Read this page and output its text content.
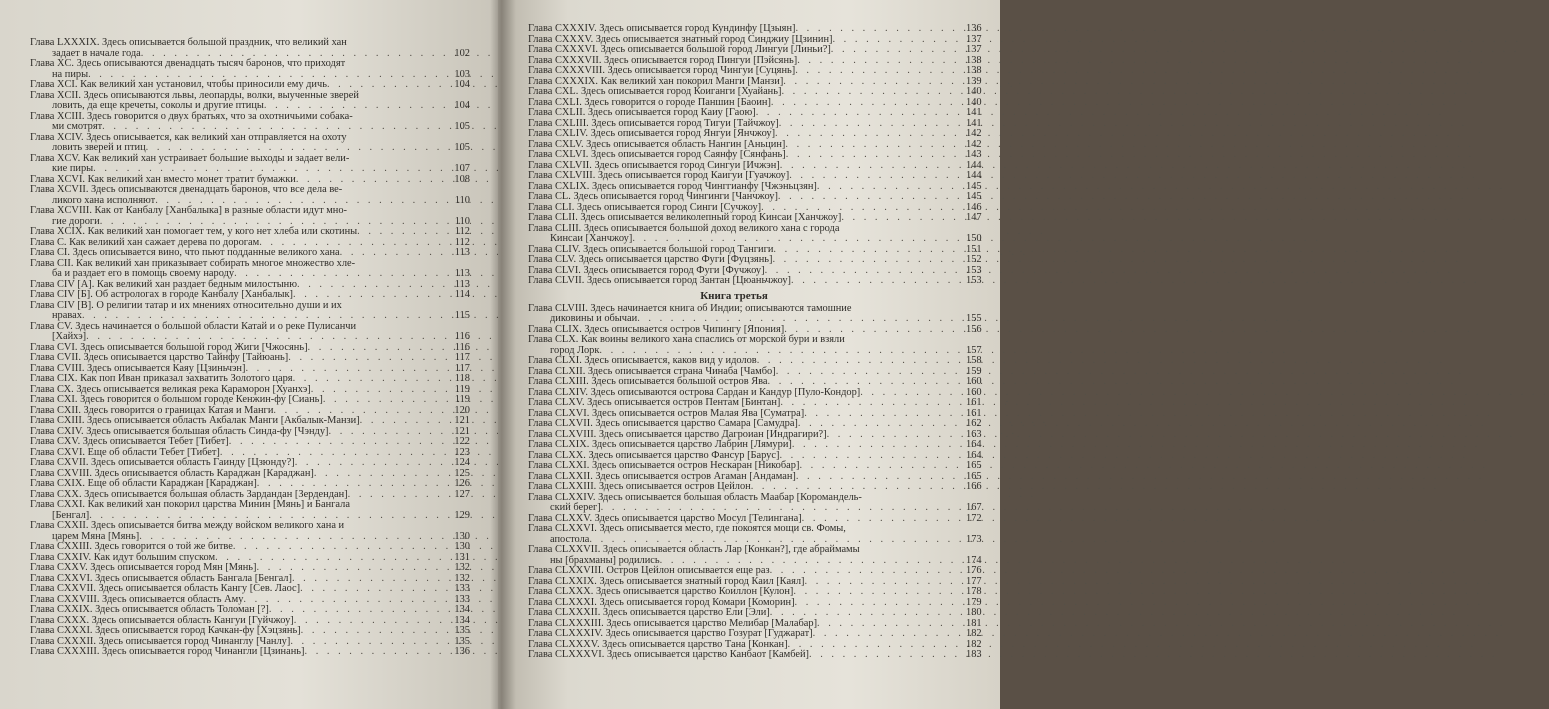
Глава LXXXIX. Здесь описывается большой праздник, что великий хан
задает в начале года . . .	102
Глава XC. Здесь описываются двенадцать тысяч баронов, что приходят
на пиры . . .	103
Глава XCI. Как великий хан установил, чтобы приносили ему дичь . . .	104
Глава XCII. Здесь описываются львы, леопарды, волки, выученные зверей
ловить, да еще кречеты, соколы и другие птицы . . .	104
Глава XCIII. Здесь говорится о двух братьях, что за охотничьими собака-
ми смотрят . . .	105
Глава XCIV. Здесь описывается, как великий хан отправляется на охоту
ловить зверей и птиц . . .	105
Глава XCV. Как великий хан устраивает большие выходы и задает вели-
кие пиры . . .	107
Глава XCVI. Как великий хан вместо монет тратит бумажки . . .	108
Глава XCVII. Здесь описываются двенадцать баронов, что все дела ве-
ликого хана исполняют . . .	110
Глава XCVIII. Как от Канбалу [Ханбалыка] в разные области идут мно-
гие дороги . . .	110
Глава XCIX. Как великий хан помогает тем, у кого нет хлеба или скотины . . .	112
Глава С. Как великий хан сажает дерева по дорогам . . .	112
Глава СI. Здесь описывается вино, что пьют подданные великого хана . . .	113
Глава СII. Как великий хан приказывает собирать многое множество хле-
ба и раздает его в помощь своему народу . . .	113
Глава СIV [А]. Как великий хан раздает бедным милостыню . . .	113
Глава СIV [Б]. Об астрологах в городе Канбалу [Ханбалык] . . .	114
Глава СIV [В]. О религии татар и их мнениях относительно души и их
нравах . . .	115
Глава CV. Здесь начинается о большой области Катай и о реке Пулисанчи
[Хайхэ] . . .	116
Глава CVI. Здесь описывается большой город Жиги [Чжосянь] . . .	116
Глава CVII. Здесь описывается царство Тайнфу [Тайюань] . . .	117
Глава CVIII. Здесь описывается Каяу [Цзиньчэн] . . .	117
Глава CIX. Как поп Иван приказал захватить Золотого царя . . .	118
Глава СХ. Здесь описывается великая река Караморон [Хуанхэ] . . .	119
Глава CXI. Здесь говорится о большом городе Кенжин-фу [Сиань] . . .	119
Глава CXII. Здесь говорится о границах Катая и Манги . . .	120
Глава CXIII. Здесь описывается область Акбалак Манги [Акбалык-Манзи] . . .	121
Глава CXIV. Здесь описывается большая область Синда-фу [Чэнду] . . .	121
Глава CXV. Здесь описывается Тебет [Тибет] . . .	122
Глава CXVI. Еще об области Тебет [Тибет] . . .	123
Глава CXVII. Здесь описывается область Гаинду [Цзюнду?] . . .	124
Глава CXVIII. Здесь описывается область Караджан [Караджан] . . .	125
Глава CXIX. Еще об области Караджан [Караджан] . . .	126
Глава CXX. Здесь описывается большая область Зардандан [Зердендан] . . .	127
Глава CXXI. Как великий хан покорил царства Минин [Мянь] и Бангала
[Бенгал] . . .	129
Глава CXXII. Здесь описывается битва между войском великого хана и
царем Мяна [Мянь] . . .	130
Глава CXXIII. Здесь говорится о той же битве . . .	130
Глава CXXIV. Как идут большим спуском . . .	131
Глава CXXV. Здесь описывается город Мян [Мянь] . . .	132
Глава CXXVI. Здесь описывается область Бангала [Бенгал] . . .	132
Глава CXXVII. Здесь описывается область Кангу [Сев. Лаос] . . .	133
Глава CXXVIII. Здесь описывается область Аму . . .	133
Глава CXXIX. Здесь описывается область Толоман [?] . . .	134
Глава CXXX. Здесь описывается область Кангуи [Гуйчжоу] . . .	134
Глава CXXXI. Здесь описывается город Качкан-фу [Хэцзянь] . . .	135
Глава CXXXII. Здесь описывается город Чинанглу [Чанлу] . . .	135
Глава CXXXIII. Здесь описывается город Чинангли [Цзинань] . . .	136
Глава CXXXIV. Здесь описывается город Кундинфу [Цзыян] . . .	136
Глава CXXXV. Здесь описывается знатный город Синджиу [Цзинин] . . .	137
Глава CXXXVI. Здесь описывается большой город Лингуи [Линьи?] . . .	137
Глава CXXXVII. Здесь описывается город Пингуи [Пэйсянь] . . .	138
Глава CXXXVIII. Здесь описывается город Чингуи [Суцянь] . . .	138
Глава CXXXIX. Как великий хан покорил Манги [Манзи] . . .	139
Глава CXL. Здесь описывается город Коиганги [Хуайань] . . .	140
Глава CXLI. Здесь говорится о городе Паншин [Баоин] . . .	140
Глава CXLII. Здесь описывается город Каиу [Гаою] . . .	141
Глава CXLIII. Здесь описывается город Тигуи [Тайчжоу] . . .	141
Глава CXLIV. Здесь описывается город Янгуи [Янчжоу] . . .	142
Глава CXLV. Здесь описывается область Нангин [Аньцин] . . .	142
Глава CXLVI. Здесь описывается город Саянфу [Сянфань] . . .	143
Глава CXLVII. Здесь описывается город Сингуи [Ичжэн] . . .	144
Глава CXLVIII. Здесь описывается город Каигуи [Гуачжоу] . . .	144
Глава CXLIX. Здесь описывается город Чинггианфу [Чжэньцзян] . . .	145
Глава CL. Здесь описывается город Чингинги [Чанчжоу] . . .	145
Глава CLI. Здесь описывается город Синги [Сучжоу] . . .	146
Глава CLII. Здесь описывается великолепный город Кинсаи [Ханчжоу] . . .	147
Глава CLIII. Здесь описывается большой доход великого хана с города
Кинсаи [Ханчжоу] . . .	150
Глава CLIV. Здесь описывается большой город Тангиги . . .	151
Глава CLV. Здесь описывается царство Фуги [Фуцзянь] . . .	152
Глава CLVI. Здесь описывается город Фуги [Фучжоу] . . .	153
Глава CLVII. Здесь описывается город Зантан [Цюаньчжоу] . . .	153
Книга третья
Глава CLVIII. Здесь начинается книга об Индии; описываются тамошние
диковины и обычаи . . .	155
Глава CLIX. Здесь описывается остров Чипингу [Япония] . . .	156
Глава CLX. Как воины великого хана спаслись от морской бури и взяли
город Лорк . . .	157
Глава CLXI. Здесь описывается, каков вид у идолов . . .	158
Глава CLXII. Здесь описывается страна Чинаба [Чамбо] . . .	159
Глава CLXIII. Здесь описывается большой остров Ява . . .	160
Глава CLXIV. Здесь описываются острова Сардан и Кандур [Пуло-Кондор] . . .	160
Глава CLXV. Здесь описывается остров Пентам [Бинтан] . . .	161
Глава CLXVI. Здесь описывается остров Малая Ява [Суматра] . . .	161
Глава CLXVII. Здесь описывается царство Самара [Самудра] . . .	162
Глава CLXVIII. Здесь описывается царство Дагроиан [Индрагири?] . . .	163
Глава CLXIX. Здесь описывается царство Лабрин [Лямури] . . .	164
Глава CLXX. Здесь описывается царство Фансур [Барус] . . .	164
Глава CLXXI. Здесь описывается остров Нескаран [Никобар] . . .	165
Глава CLXXII. Здесь описывается остров Агаман [Андаман] . . .	165
Глава CLXXIII. Здесь описывается остров Цейлон . . .	166
Глава CLXXIV. Здесь описывается большая область Маабар [Коромандель-
ский берег] . . .	167
Глава CLXXV. Здесь описывается царство Мосул [Телингана] . . .	172
Глава CLXXVI. Здесь описывается место, где покоятся мощи св. Фомы,
апостола . . .	173
Глава CLXXVII. Здесь описывается область Лар [Конкан?], где абраймамы
ны [брахманы] родились . . .	174
Глава CLXXVIII. Остров Цейлон описывается еще раз . . .	176
Глава CLXXIX. Здесь описывается знатный город Каил [Каял] . . .	177
Глава CLXXX. Здесь описывается царство Коиллон [Кулон] . . .	178
Глава CLXXXI. Здесь описывается город Комари [Коморин] . . .	179
Глава CLXXXII. Здесь описывается царство Ели [Эли] . . .	180
Глава CLXXXIII. Здесь описывается царство Мелибар [Малабар] . . .	181
Глава CLXXXIV. Здесь описывается царство Гозурат [Гуджарат] . . .	182
Глава CLXXXV. Здесь описывается царство Тана [Конкан] . . .	182
Глава CLXXXVI. Здесь описывается царство Канбаот [Камбей] . . .	183
